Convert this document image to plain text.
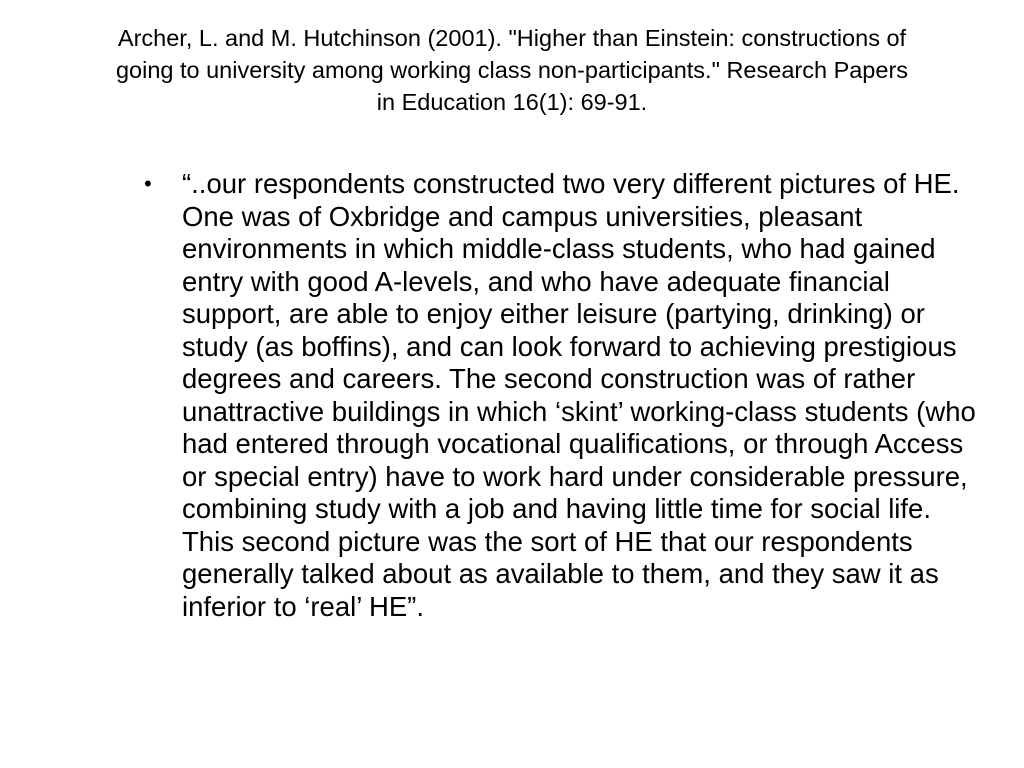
Archer, L. and M. Hutchinson (2001). "Higher than Einstein: constructions of going to university among working class non-participants." Research Papers in Education 16(1): 69-91.
• “..our respondents constructed two very different pictures of HE. One was of Oxbridge and campus universities, pleasant environments in which middle-class students, who had gained entry with good A-levels, and who have adequate financial support, are able to enjoy either leisure (partying, drinking) or study (as boffins), and can look forward to achieving prestigious degrees and careers. The second construction was of rather unattractive buildings in which ‘skint’ working-class students (who had entered through vocational qualifications, or through Access or special entry) have to work hard under considerable pressure, combining study with a job and having little time for social life. This second picture was the sort of HE that our respondents generally talked about as available to them, and they saw it as inferior to ‘real’ HE”.
